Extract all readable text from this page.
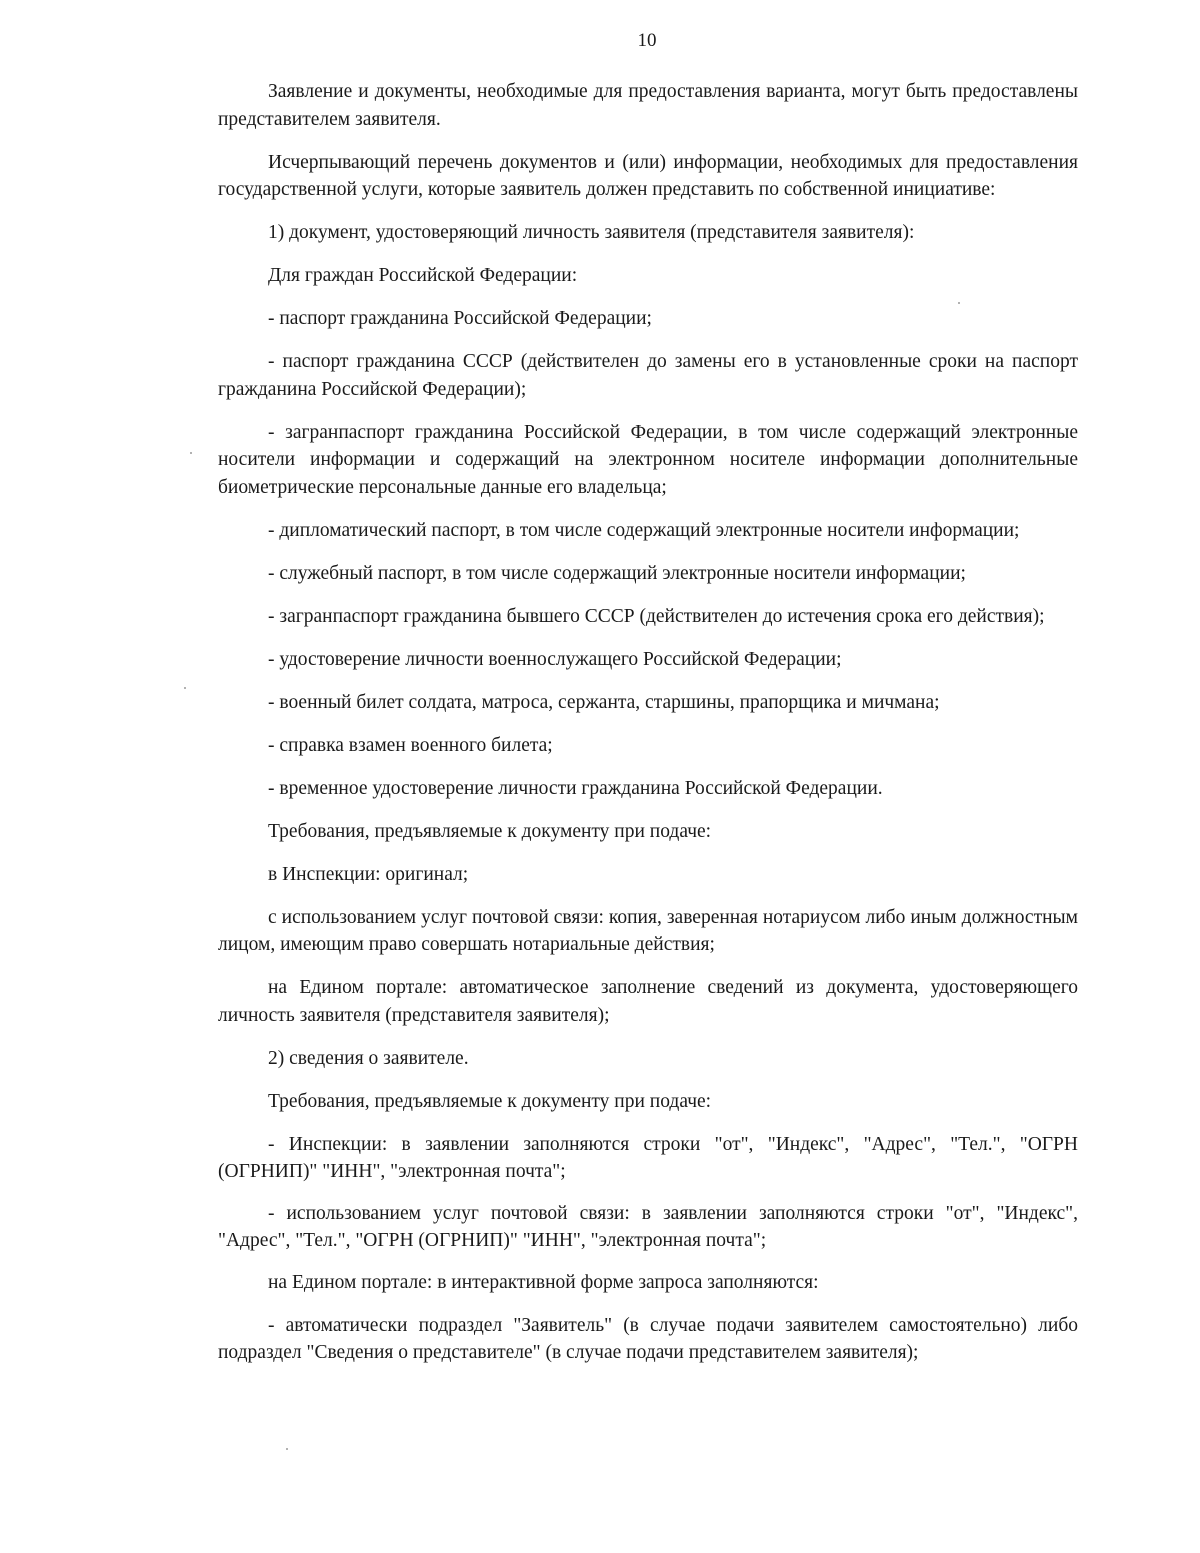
10

Заявление и документы, необходимые для предоставления варианта, могут быть предоставлены представителем заявителя.

Исчерпывающий перечень документов и (или) информации, необходимых для предоставления государственной услуги, которые заявитель должен представить по собственной инициативе:

1) документ, удостоверяющий личность заявителя (представителя заявителя):

Для граждан Российской Федерации:

- паспорт гражданина Российской Федерации;

- паспорт гражданина СССР (действителен до замены его в установленные сроки на паспорт гражданина Российской Федерации);

- загранпаспорт гражданина Российской Федерации, в том числе содержащий электронные носители информации и содержащий на электронном носителе информации дополнительные биометрические персональные данные его владельца;

- дипломатический паспорт, в том числе содержащий электронные носители информации;

- служебный паспорт, в том числе содержащий электронные носители информации;

- загранпаспорт гражданина бывшего СССР (действителен до истечения срока его действия);

- удостоверение личности военнослужащего Российской Федерации;

- военный билет солдата, матроса, сержанта, старшины, прапорщика и мичмана;

- справка взамен военного билета;

- временное удостоверение личности гражданина Российской Федерации.

Требования, предъявляемые к документу при подаче:

в Инспекции: оригинал;

с использованием услуг почтовой связи: копия, заверенная нотариусом либо иным должностным лицом, имеющим право совершать нотариальные действия;

на Едином портале: автоматическое заполнение сведений из документа, удостоверяющего личность заявителя (представителя заявителя);

2) сведения о заявителе.

Требования, предъявляемые к документу при подаче:

- Инспекции: в заявлении заполняются строки "от", "Индекс", "Адрес", "Тел.", "ОГРН (ОГРНИП)" "ИНН", "электронная почта";

- использованием услуг почтовой связи: в заявлении заполняются строки "от", "Индекс", "Адрес", "Тел.", "ОГРН (ОГРНИП)" "ИНН", "электронная почта";

на Едином портале: в интерактивной форме запроса заполняются:

- автоматически подраздел "Заявитель" (в случае подачи заявителем самостоятельно) либо подраздел "Сведения о представителе" (в случае подачи представителем заявителя);
